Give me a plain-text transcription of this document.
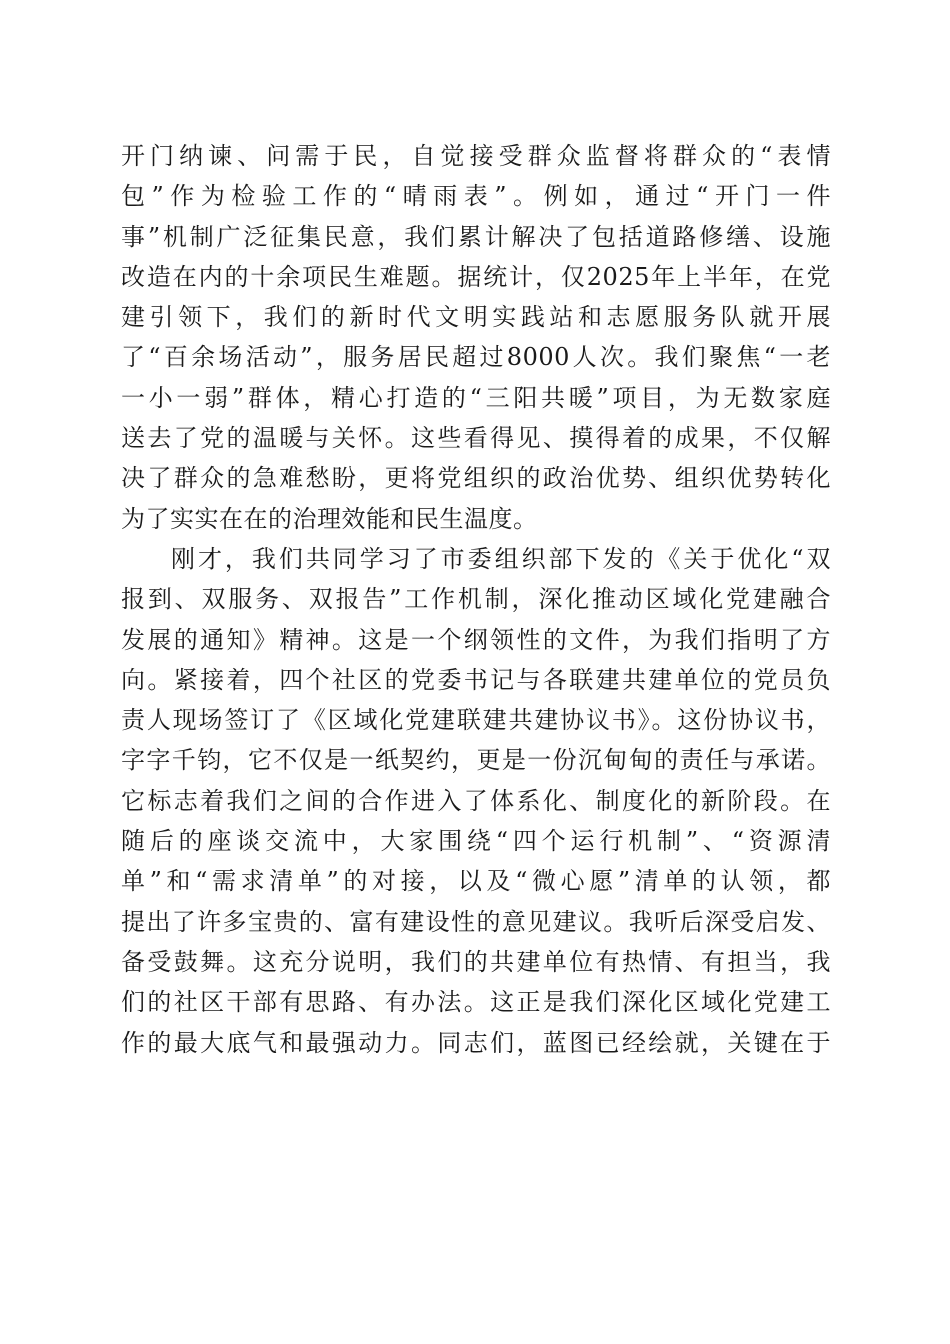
开门纳谏、问需于民，自觉接受群众监督将群众的“表情
包”作为检验工作的“晴雨表”。例如，通过“开门一件
事”机制广泛征集民意，我们累计解决了包括道路修缮、设施
改造在内的十余项民生难题。据统计，仅2025年上半年，在党
建引领下，我们的新时代文明实践站和志愿服务队就开展
了“百余场活动”，服务居民超过8000人次。我们聚焦“一老
一小一弱”群体，精心打造的“三阳共暖”项目，为无数家庭
送去了党的温暖与关怀。这些看得见、摸得着的成果，不仅解
决了群众的急难愁盼，更将党组织的政治优势、组织优势转化
为了实实在在的治理效能和民生温度。
刚才，我们共同学习了市委组织部下发的《关于优化“双
报到、双服务、双报告”工作机制，深化推动区域化党建融合
发展的通知》精神。这是一个纲领性的文件，为我们指明了方
向。紧接着，四个社区的党委书记与各联建共建单位的党员负
责人现场签订了《区域化党建联建共建协议书》。这份协议书，
字字千钧，它不仅是一纸契约，更是一份沉甸甸的责任与承诺。
它标志着我们之间的合作进入了体系化、制度化的新阶段。在
随后的座谈交流中，大家围绕“四个运行机制”、“资源清
单”和“需求清单”的对接，以及“微心愿”清单的认领，都
提出了许多宝贵的、富有建设性的意见建议。我听后深受启发、
备受鼓舞。这充分说明，我们的共建单位有热情、有担当，我
们的社区干部有思路、有办法。这正是我们深化区域化党建工
作的最大底气和最强动力。同志们，蓝图已经绘就，关键在于
